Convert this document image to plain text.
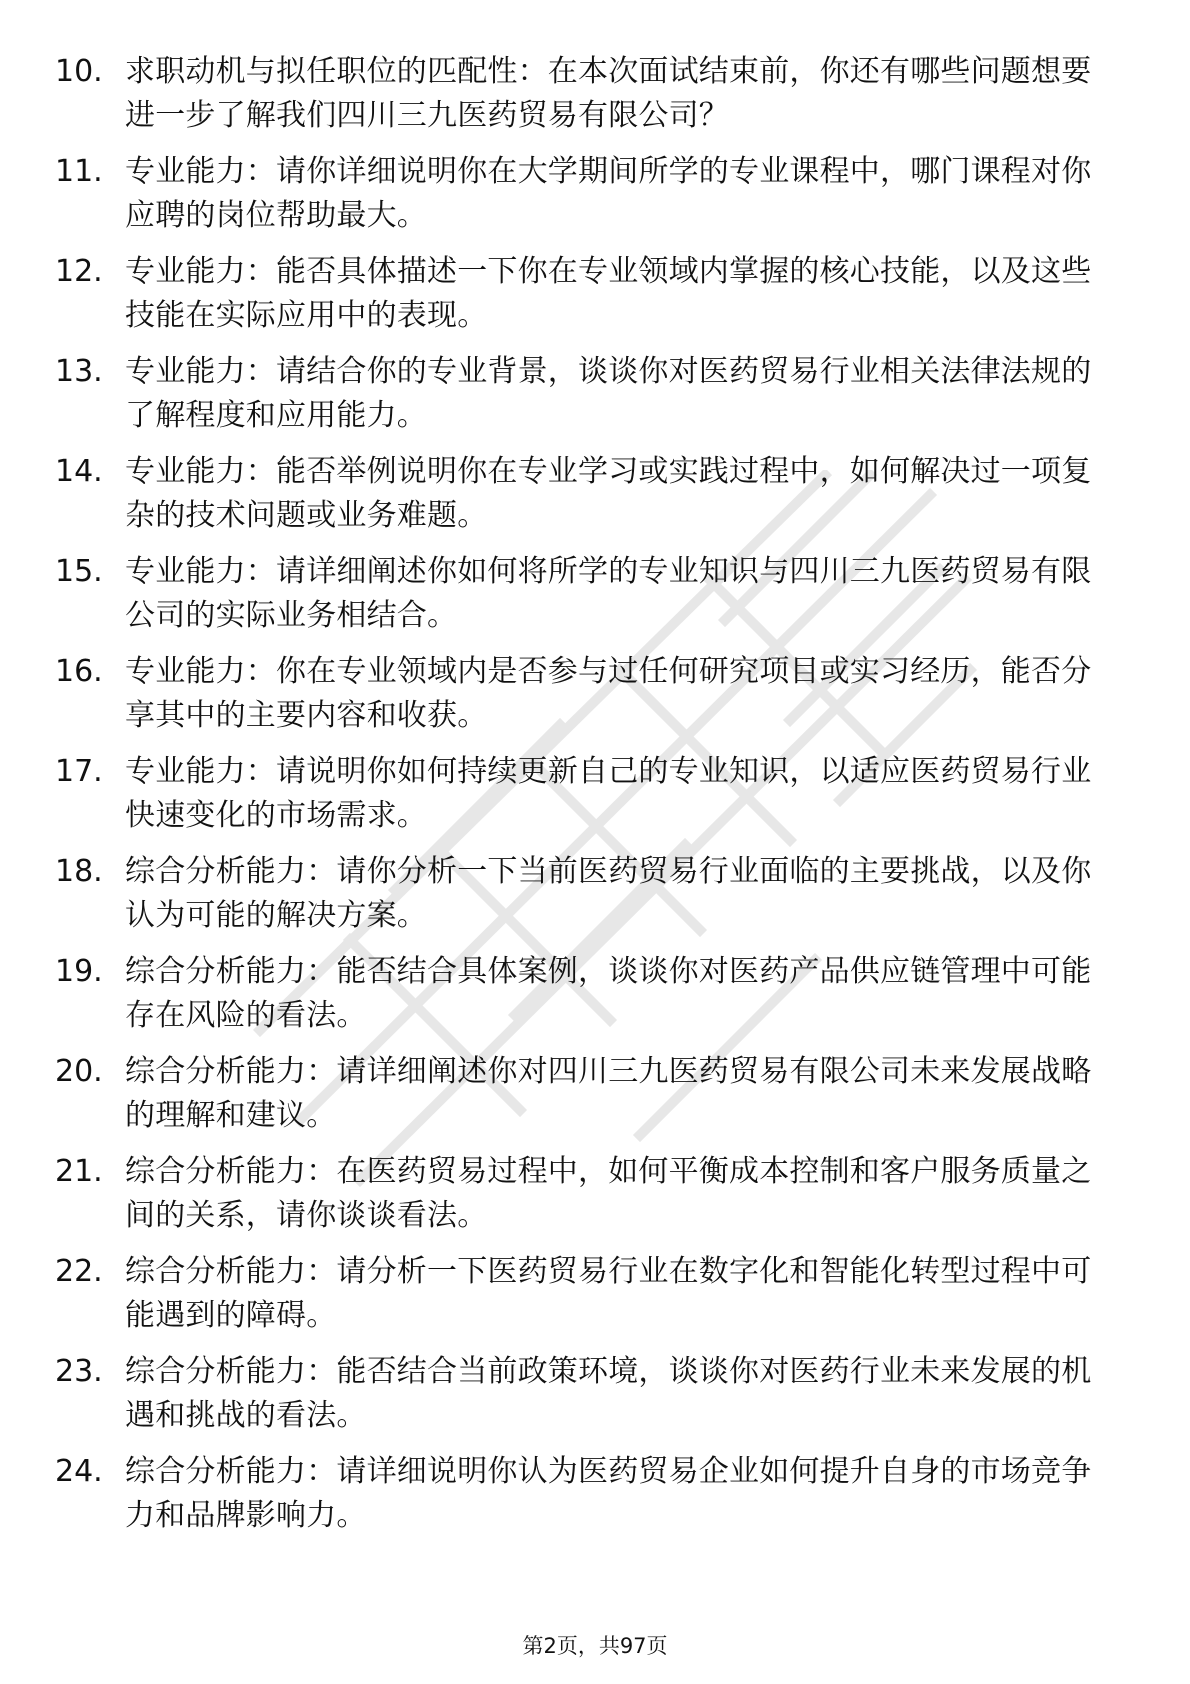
10. 求职动机与拟任职位的匹配性：在本次面试结束前，你还有哪些问题想要进一步了解我们四川三九医药贸易有限公司？
11. 专业能力：请你详细说明你在大学期间所学的专业课程中，哪门课程对你应聘的岗位帮助最大。
12. 专业能力：能否具体描述一下你在专业领域内掌握的核心技能，以及这些技能在实际应用中的表现。
13. 专业能力：请结合你的专业背景，谈谈你对医药贸易行业相关法律法规的了解程度和应用能力。
14. 专业能力：能否举例说明你在专业学习或实践过程中，如何解决过一项复杂的技术问题或业务难题。
15. 专业能力：请详细阐述你如何将所学的专业知识与四川三九医药贸易有限公司的实际业务相结合。
16. 专业能力：你在专业领域内是否参与过任何研究项目或实习经历，能否分享其中的主要内容和收获。
17. 专业能力：请说明你如何持续更新自己的专业知识，以适应医药贸易行业快速变化的市场需求。
18. 综合分析能力：请你分析一下当前医药贸易行业面临的主要挑战，以及你认为可能的解决方案。
19. 综合分析能力：能否结合具体案例，谈谈你对医药产品供应链管理中可能存在风险的看法。
20. 综合分析能力：请详细阐述你对四川三九医药贸易有限公司未来发展战略的理解和建议。
21. 综合分析能力：在医药贸易过程中，如何平衡成本控制和客户服务质量之间的关系，请你谈谈看法。
22. 综合分析能力：请分析一下医药贸易行业在数字化和智能化转型过程中可能遇到的障碍。
23. 综合分析能力：能否结合当前政策环境，谈谈你对医药行业未来发展的机遇和挑战的看法。
24. 综合分析能力：请详细说明你认为医药贸易企业如何提升自身的市场竞争力和品牌影响力。
第2页，共97页
